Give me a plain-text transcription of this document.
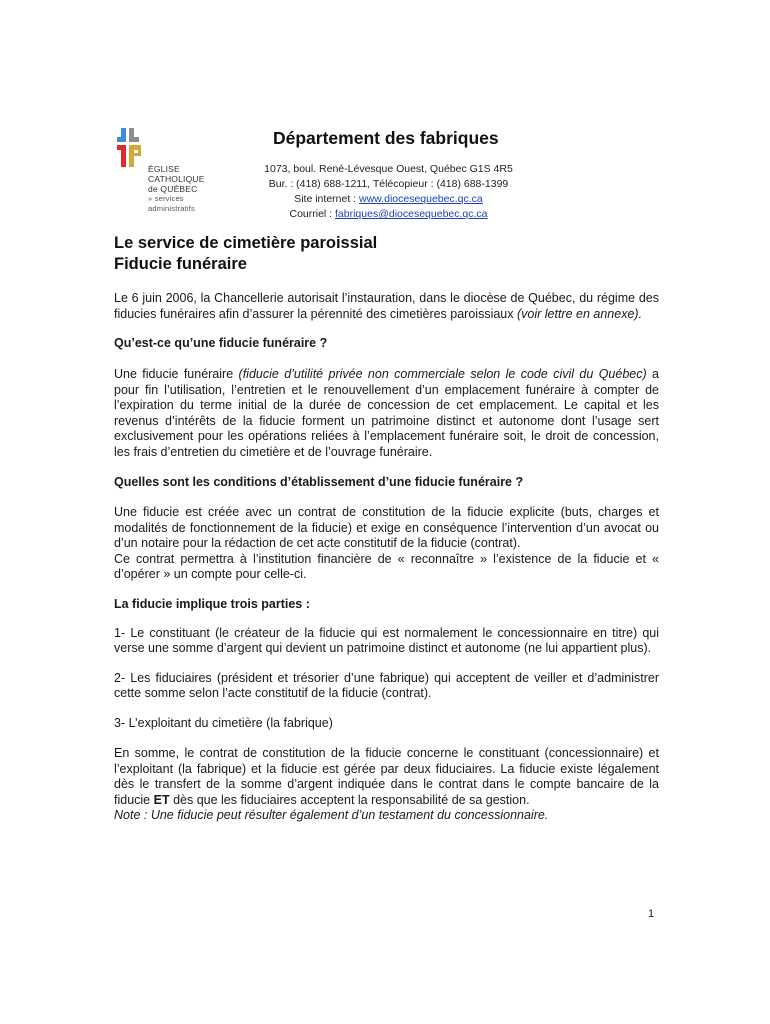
ÉGLISE
CATHOLIQUE
de QUÉBEC
» services administratifs
Département des fabriques
1073, boul. René-Lévesque Ouest, Québec G1S 4R5
Bur. : (418) 688-1211, Télécopieur : (418) 688-1399
Site internet : www.diocesequebec.qc.ca
Courriel : fabriques@diocesequebec.qc.ca
Le service de cimetière paroissial
Fiducie funéraire

Le 6 juin 2006, la Chancellerie autorisait l’instauration, dans le diocèse de Québec, du régime des fiducies funéraires afin d’assurer la pérennité des cimetières paroissiaux (voir lettre en annexe).

Qu’est-ce qu’une fiducie funéraire ?

Une fiducie funéraire (fiducie d’utilité privée non commerciale selon le code civil du Québec) a pour fin l’utilisation, l’entretien et le renouvellement d’un emplacement funéraire à compter de l’expiration du terme initial de la durée de concession de cet emplacement. Le capital et les revenus d’intérêts de la fiducie forment un patrimoine distinct et autonome dont l’usage sert exclusivement pour les opérations reliées à l’emplacement funéraire soit, le droit de concession, les frais d’entretien du cimetière et de l’ouvrage funéraire.

Quelles sont les conditions d’établissement d’une fiducie funéraire ?

Une fiducie est créée avec un contrat de constitution de la fiducie explicite (buts, charges et modalités de fonctionnement de la fiducie) et exige en conséquence l’intervention d’un avocat ou d’un notaire pour la rédaction de cet acte constitutif de la fiducie (contrat).

Ce contrat permettra à l’institution financière de « reconnaître » l’existence de la fiducie et « d’opérer » un compte pour celle-ci.

La fiducie implique trois parties :

1- Le constituant (le créateur de la fiducie qui est normalement le concessionnaire en titre) qui verse une somme d’argent qui devient un patrimoine distinct et autonome (ne lui appartient plus).

2- Les fiduciaires (président et trésorier d’une fabrique) qui acceptent de veiller et d’administrer cette somme selon l’acte constitutif de la fiducie (contrat).

3- L’exploitant du cimetière (la fabrique)

En somme, le contrat de constitution de la fiducie concerne le constituant (concessionnaire) et l’exploitant (la fabrique) et la fiducie est gérée par deux fiduciaires. La fiducie existe légalement dès le transfert de la somme d’argent indiquée dans le contrat dans le compte bancaire de la fiducie ET dès que les fiduciaires acceptent la responsabilité de sa gestion.

Note : Une fiducie peut résulter également d’un testament du concessionnaire.

1
